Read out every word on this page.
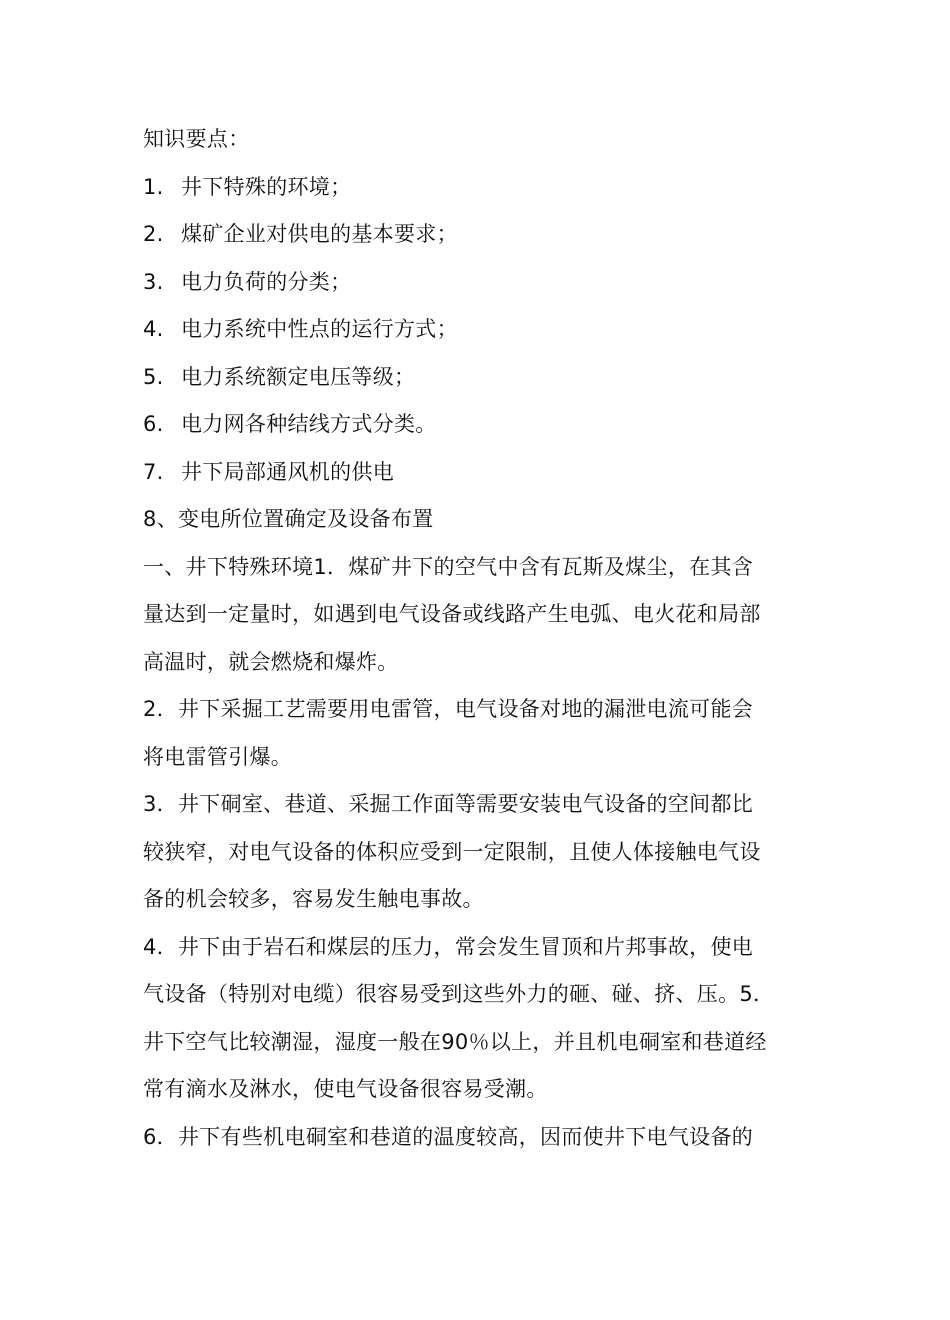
知识要点：
1. 井下特殊的环境；
2. 煤矿企业对供电的基本要求；
3. 电力负荷的分类；
4. 电力系统中性点的运行方式；
5. 电力系统额定电压等级；
6. 电力网各种结线方式分类。
7. 井下局部通风机的供电
8、变电所位置确定及设备布置
一、井下特殊环境1．煤矿井下的空气中含有瓦斯及煤尘，在其含
量达到一定量时，如遇到电气设备或线路产生电弧、电火花和局部
高温时，就会燃烧和爆炸。
2．井下采掘工艺需要用电雷管，电气设备对地的漏泄电流可能会
将电雷管引爆。
3．井下硐室、巷道、采掘工作面等需要安装电气设备的空间都比
较狭窄，对电气设备的体积应受到一定限制，且使人体接触电气设
备的机会较多，容易发生触电事故。
4．井下由于岩石和煤层的压力，常会发生冒顶和片邦事故，使电
气设备（特别对电缆）很容易受到这些外力的砸、碰、挤、压。5．
井下空气比较潮湿，湿度一般在90％以上，并且机电硐室和巷道经
常有滴水及淋水，使电气设备很容易受潮。
6．井下有些机电硐室和巷道的温度较高，因而使井下电气设备的
